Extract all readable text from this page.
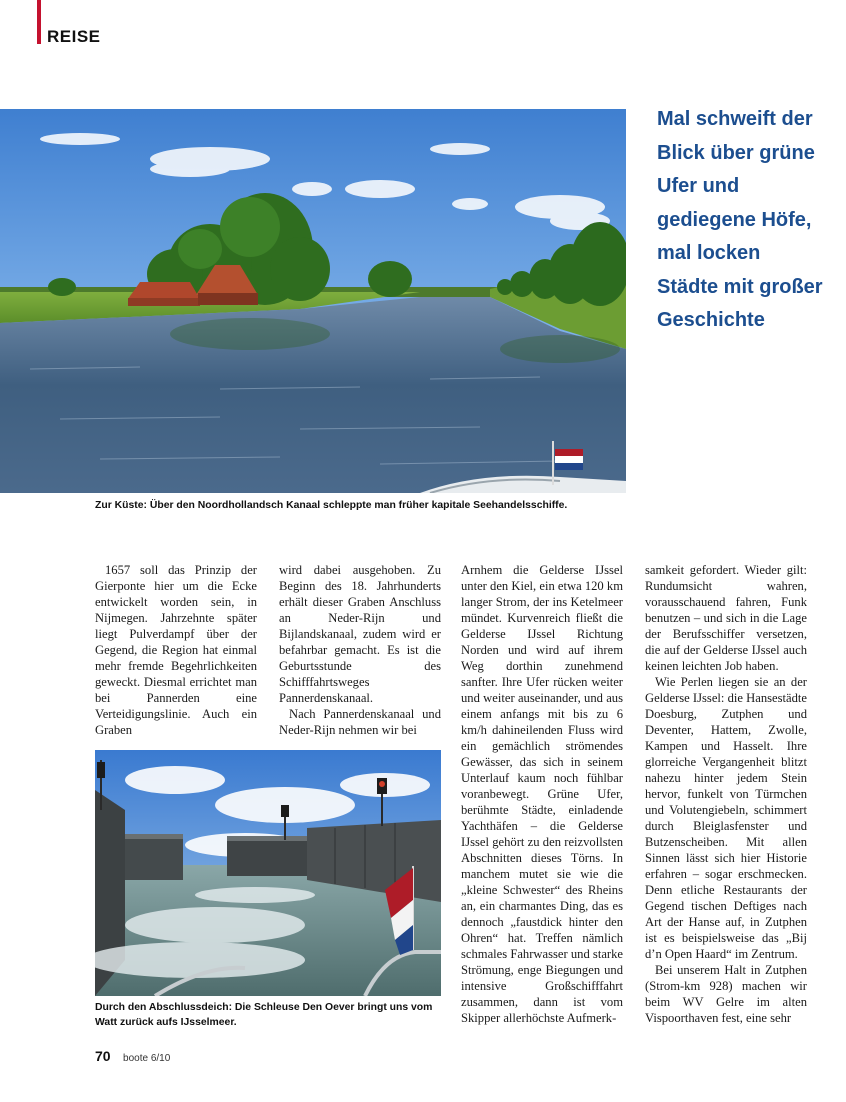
REISE
Mal schweift der Blick über grüne Ufer und gediegene Höfe, mal locken Städte mit großer Geschichte
Zur Küste: Über den Noordhollandsch Kanaal schleppte man früher kapitale Seehandelsschiffe.

1657 soll das Prinzip der Gierponte hier um die Ecke entwickelt worden sein, in Nijmegen. Jahrzehnte später liegt Pulverdampf über der Gegend, die Region hat einmal mehr fremde Begehrlichkeiten geweckt. Diesmal errichtet man bei Pannerden eine Verteidigungslinie. Auch ein Graben

wird dabei ausgehoben. Zu Beginn des 18. Jahrhunderts erhält dieser Graben Anschluss an Neder-Rijn und Bijlandskanaal, zudem wird er befahrbar gemacht. Es ist die Geburtsstunde des Schifffahrtsweges Pannerdenskanaal.

Nach Pannerdenskanaal und Neder-Rijn nehmen wir bei

Arnhem die Gelderse IJssel unter den Kiel, ein etwa 120 km langer Strom, der ins Ketelmeer mündet. Kurvenreich fließt die Gelderse IJssel Richtung Norden und wird auf ihrem Weg dorthin zunehmend sanfter. Ihre Ufer rücken weiter und weiter auseinander, und aus einem anfangs mit bis zu 6 km/h dahineilenden Fluss wird ein gemächlich strömendes Gewässer, das sich in seinem Unterlauf kaum noch fühlbar voranbewegt. Grüne Ufer, berühmte Städte, einladende Yachthäfen – die Gelderse IJssel gehört zu den reizvollsten Abschnitten dieses Törns. In manchem mutet sie wie die „kleine Schwester“ des Rheins an, ein charmantes Ding, das es dennoch „faustdick hinter den Ohren“ hat. Treffen nämlich schmales Fahrwasser und starke Strömung, enge Biegungen und intensive Großschifffahrt zusammen, dann ist vom Skipper allerhöchste Aufmerk-

samkeit gefordert. Wieder gilt: Rundumsicht wahren, vorausschauend fahren, Funk benutzen – und sich in die Lage der Berufsschiffer versetzen, die auf der Gelderse IJssel auch keinen leichten Job haben.

Wie Perlen liegen sie an der Gelderse IJssel: die Hansestädte Doesburg, Zutphen und Deventer, Hattem, Zwolle, Kampen und Hasselt. Ihre glorreiche Vergangenheit blitzt nahezu hinter jedem Stein hervor, funkelt von Türmchen und Volutengiebeln, schimmert durch Bleiglasfenster und Butzenscheiben. Mit allen Sinnen lässt sich hier Historie erfahren – sogar erschmecken. Denn etliche Restaurants der Gegend tischen Deftiges nach Art der Hanse auf, in Zutphen ist es beispielsweise das „Bij d’n Open Haard“ im Zentrum.

Bei unserem Halt in Zutphen (Strom-km 928) machen wir beim WV Gelre im alten Vispoorthaven fest, eine sehr

Durch den Abschlussdeich: Die Schleuse Den Oever bringt uns vom Watt zurück aufs IJsselmeer.
70 boote 6/10
